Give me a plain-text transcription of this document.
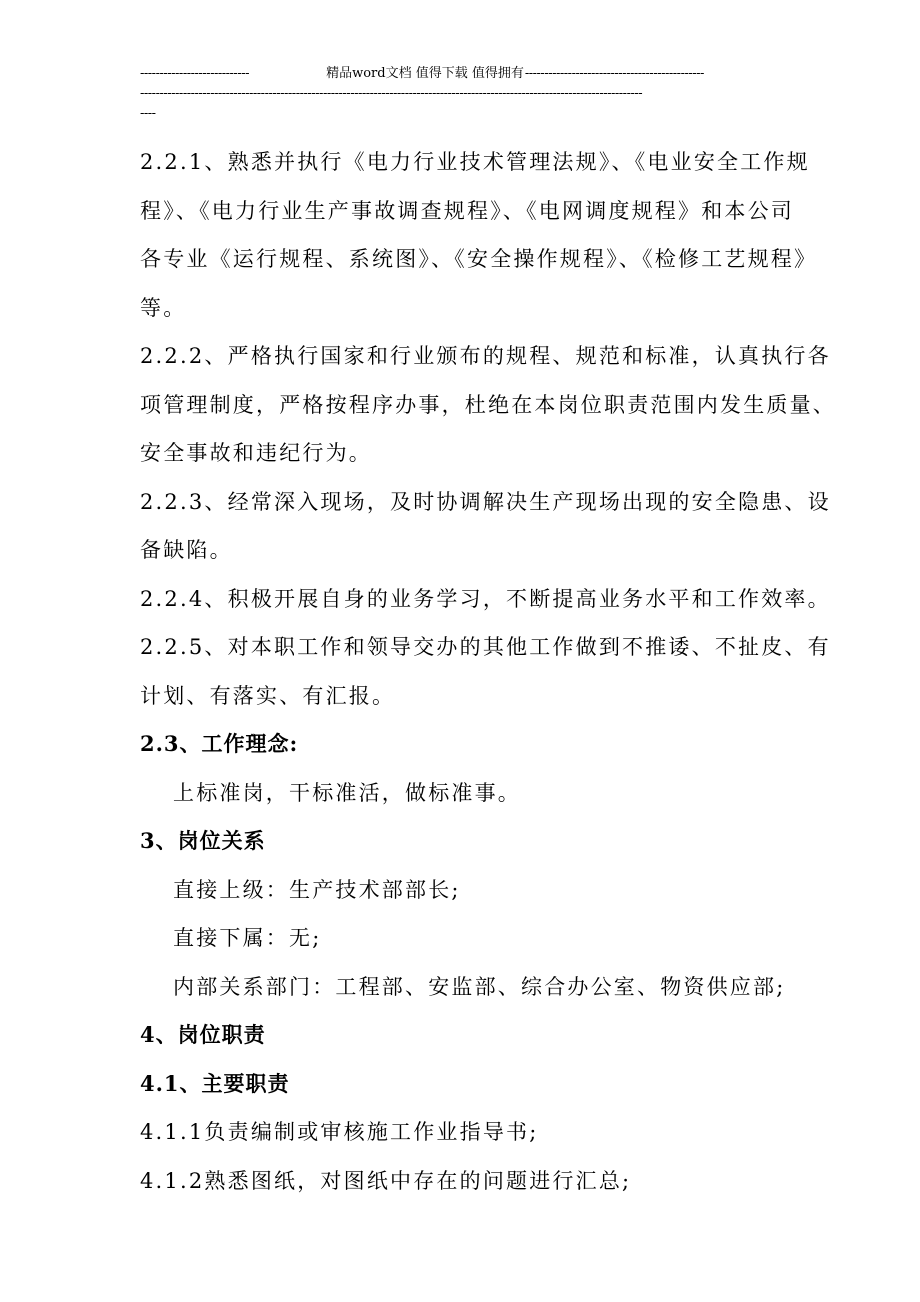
----------------------------	精品word文档 值得下载 值得拥有 ----------------------------------------------
---------------------------------------------------------------------------------------------------------------------------------
----

2.2.1、熟悉并执行《电力行业技术管理法规》、《电业安全工作规

程》、《电力行业生产事故调查规程》、《电网调度规程》和本公司

各专业《运行规程、系统图》、《安全操作规程》、《检修工艺规程》

等。

2.2.2、严格执行国家和行业颁布的规程、规范和标准，认真执行各

项管理制度，严格按程序办事，杜绝在本岗位职责范围内发生质量、

安全事故和违纪行为。

2.2.3、经常深入现场，及时协调解决生产现场出现的安全隐患、设

备缺陷。

2.2.4、积极开展自身的业务学习，不断提高业务水平和工作效率。

2.2.5、对本职工作和领导交办的其他工作做到不推诿、不扯皮、有

计划、有落实、有汇报。

2.3、工作理念:

上标准岗，干标准活，做标准事。

3、岗位关系

直接上级：生产技术部部长;

直接下属：无;

内部关系部门：工程部、安监部、综合办公室、物资供应部;

4、岗位职责

4.1、主要职责

4.1.1负责编制或审核施工作业指导书;

4.1.2熟悉图纸，对图纸中存在的问题进行汇总;
